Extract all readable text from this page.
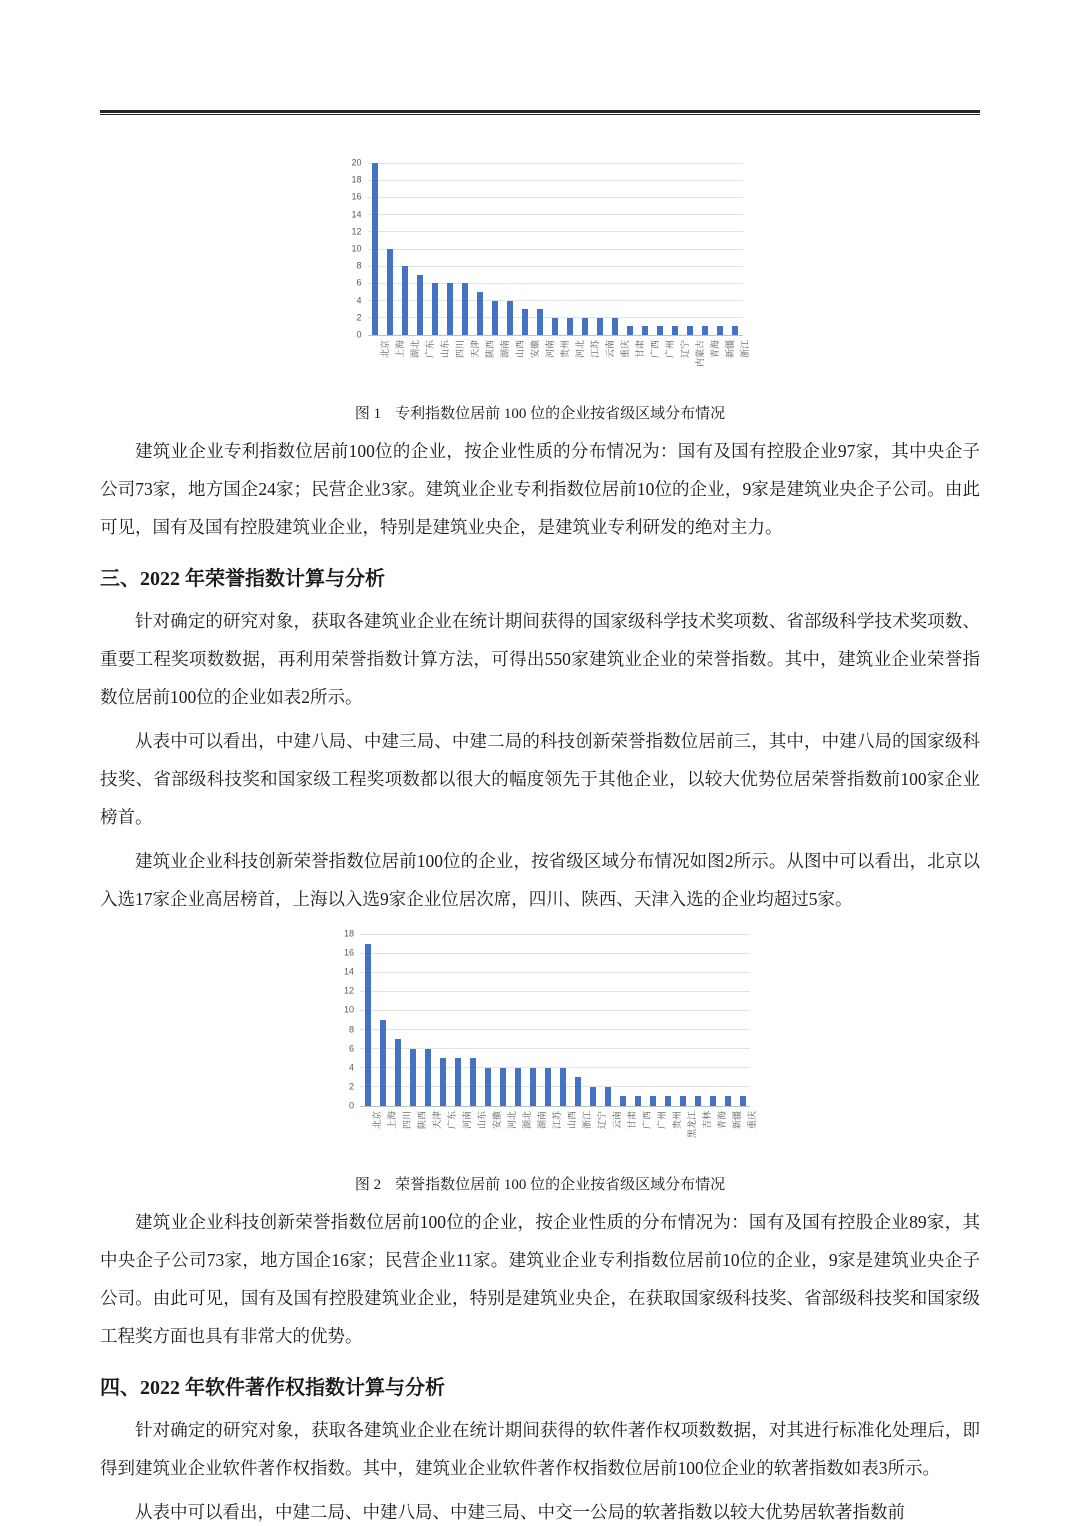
0
2
4
6
8
10
12
14
16
18
20
北京 上海 湖北 广东 山东 四川 天津 陕西 湖南 山西 安徽 河南 贵州 河北 江苏 云南 重庆 甘肃 广西 广州 辽宁 内蒙古 青海 新疆 浙江
图 1 专利指数位居前 100 位的企业按省级区域分布情况

建筑业企业专利指数位居前100位的企业，按企业性质的分布情况为：国有及国有控股企业97家，其中央企子公司73家，地方国企24家；民营企业3家。建筑业企业专利指数位居前10位的企业，9家是建筑业央企子公司。由此可见，国有及国有控股建筑业企业，特别是建筑业央企，是建筑业专利研发的绝对主力。

三、2022 年荣誉指数计算与分析

针对确定的研究对象，获取各建筑业企业在统计期间获得的国家级科学技术奖项数、省部级科学技术奖项数、重要工程奖项数数据，再利用荣誉指数计算方法，可得出550家建筑业企业的荣誉指数。其中，建筑业企业荣誉指数位居前100位的企业如表2所示。

从表中可以看出，中建八局、中建三局、中建二局的科技创新荣誉指数位居前三，其中，中建八局的国家级科技奖、省部级科技奖和国家级工程奖项数都以很大的幅度领先于其他企业，以较大优势位居荣誉指数前100家企业榜首。

建筑业企业科技创新荣誉指数位居前100位的企业，按省级区域分布情况如图2所示。从图中可以看出，北京以入选17家企业高居榜首，上海以入选9家企业位居次席，四川、陕西、天津入选的企业均超过5家。

0
2
4
6
8
10
12
14
16
18
北京 上海 四川 陕西 天津 广东 河南 山东 安徽 河北 湖北 湖南 江苏 山西 浙江 辽宁 云南 甘肃 广西 广州 贵州 黑龙江 吉林 青海 新疆 重庆
图 2 荣誉指数位居前 100 位的企业按省级区域分布情况

建筑业企业科技创新荣誉指数位居前100位的企业，按企业性质的分布情况为：国有及国有控股企业89家，其中央企子公司73家，地方国企16家；民营企业11家。建筑业企业专利指数位居前10位的企业，9家是建筑业央企子公司。由此可见，国有及国有控股建筑业企业，特别是建筑业央企，在获取国家级科技奖、省部级科技奖和国家级工程奖方面也具有非常大的优势。

四、2022 年软件著作权指数计算与分析

针对确定的研究对象，获取各建筑业企业在统计期间获得的软件著作权项数数据，对其进行标准化处理后，即得到建筑业企业软件著作权指数。其中，建筑业企业软件著作权指数位居前100位企业的软著指数如表3所示。

从表中可以看出，中建二局、中建八局、中建三局、中交一公局的软著指数以较大优势居软著指数前
